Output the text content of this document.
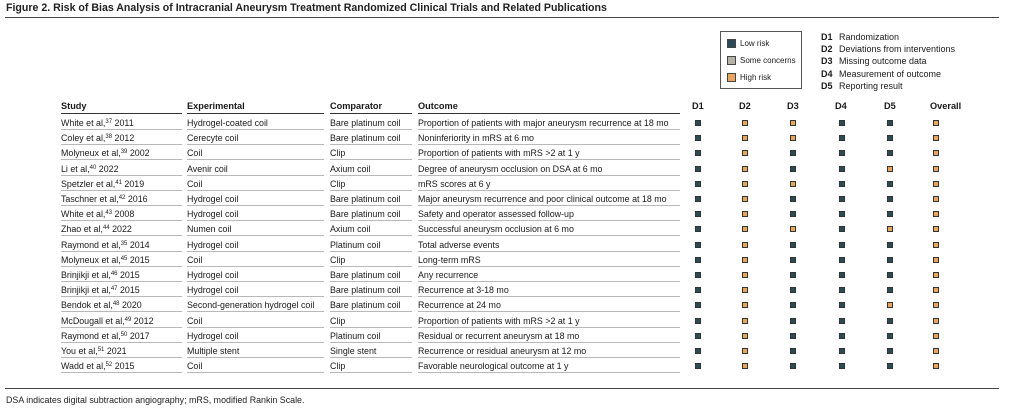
Figure 2. Risk of Bias Analysis of Intracranial Aneurysm Treatment Randomized Clinical Trials and Related Publications
Low risk
Some concerns
High risk
D1 Randomization
D2 Deviations from interventions
D3 Missing outcome data
D4 Measurement of outcome
D5 Reporting result
Study	Experimental	Comparator	Outcome	D1	D2	D3	D4	D5	Overall
White et al,$^{37}$ 2011	Hydrogel-coated coil	Bare platinum coil	Proportion of patients with major aneurysm recurrence at 18 mo
Coley et al,$^{38}$ 2012	Cerecyte coil	Bare platinum coil	Noninferiority in mRS at 6 mo
Molyneux et al,$^{39}$ 2002	Coil	Clip	Proportion of patients with mRS >2 at 1 y
Li et al,$^{40}$ 2022	Avenir coil	Axium coil	Degree of aneurysm occlusion on DSA at 6 mo
Spetzler et al,$^{41}$ 2019	Coil	Clip	mRS scores at 6 y
Taschner et al,$^{42}$ 2016	Hydrogel coil	Bare platinum coil	Major aneurysm recurrence and poor clinical outcome at 18 mo
White et al,$^{43}$ 2008	Hydrogel coil	Bare platinum coil	Safety and operator assessed follow-up
Zhao et al,$^{44}$ 2022	Numen coil	Axium coil	Successful aneurysm occlusion at 6 mo
Raymond et al,$^{35}$ 2014	Hydrogel coil	Platinum coil	Total adverse events
Molyneux et al,$^{45}$ 2015	Coil	Clip	Long-term mRS
Brinjikji et al,$^{46}$ 2015	Hydrogel coil	Bare platinum coil	Any recurrence
Brinjikji et al,$^{47}$ 2015	Hydrogel coil	Bare platinum coil	Recurrence at 3-18 mo
Bendok et al,$^{48}$ 2020	Second-generation hydrogel coil	Bare platinum coil	Recurrence at 24 mo
McDougall et al,$^{49}$ 2012	Coil	Clip	Proportion of patients with mRS >2 at 1 y
Raymond et al,$^{50}$ 2017	Hydrogel coil	Platinum coil	Residual or recurrent aneurysm at 18 mo
You et al,$^{51}$ 2021	Multiple stent	Single stent	Recurrence or residual aneurysm at 12 mo
Wadd et al,$^{52}$ 2015	Coil	Clip	Favorable neurological outcome at 1 y
DSA indicates digital subtraction angiography; mRS, modified Rankin Scale.
